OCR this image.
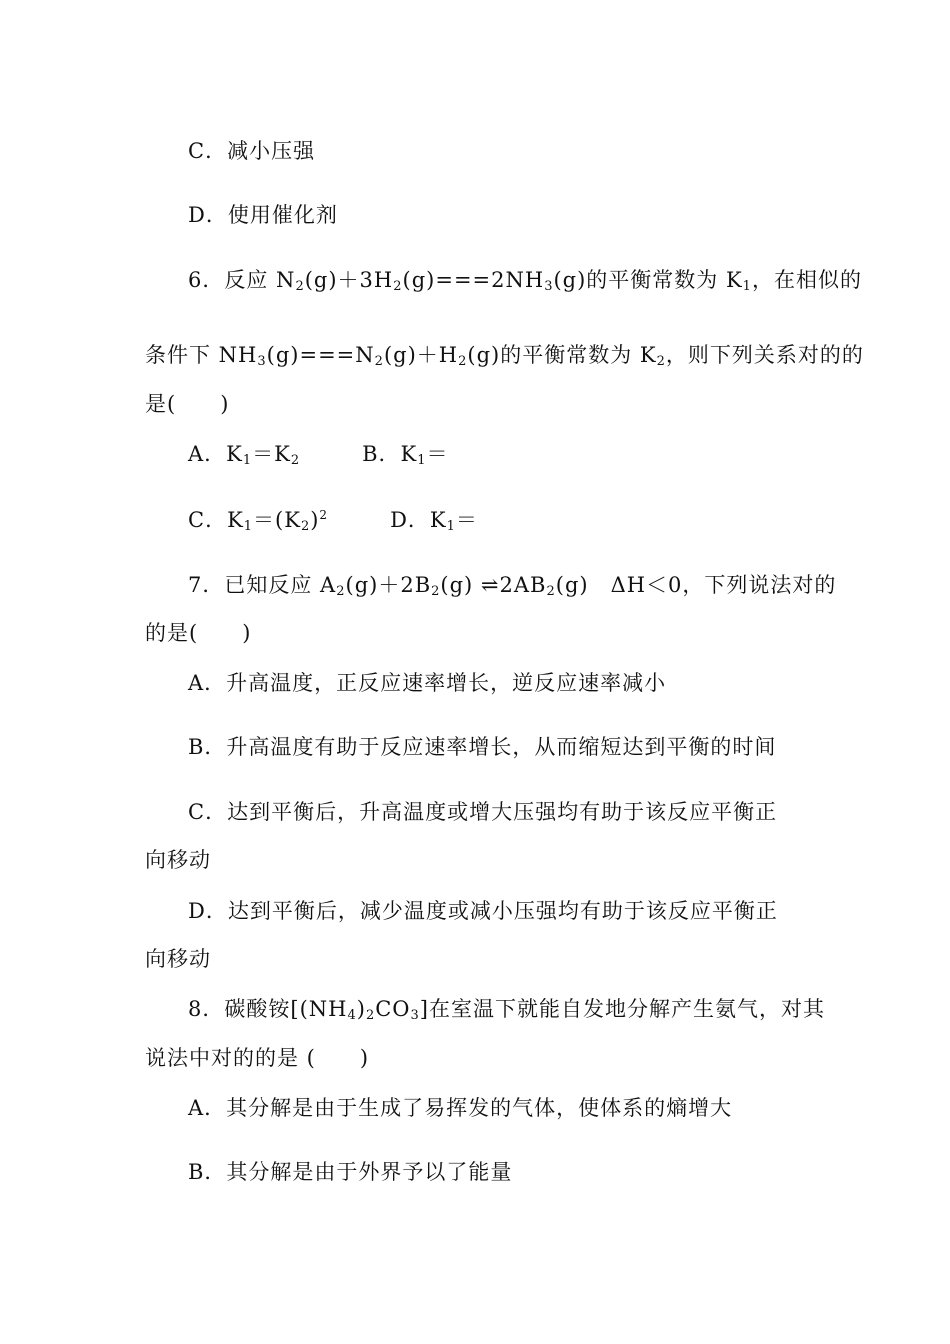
C．减小压强

D．使用催化剂

6．反应 $N_2(g)+3H_2(g)===2NH_3(g)$的平衡常数为 $K_1$，在相似的

条件下 $NH_3(g)===N_2(g)+H_2(g)$的平衡常数为 $K_2$，则下列关系对的的

是(　　)

A．$K_1=K_2$	B．$K_1=$

C．$K_1=(K_2)^2$	D．$K_1=$

7．已知反应 $A_2(g)+2B_2(g)$ $\rightleftharpoons 2AB_2(g)$　ΔH＜0，下列说法对的

的是(　　)

A．升高温度，正反应速率增长，逆反应速率减小

B．升高温度有助于反应速率增长，从而缩短达到平衡的时间

C．达到平衡后，升高温度或增大压强均有助于该反应平衡正

向移动

D．达到平衡后，减少温度或减小压强均有助于该反应平衡正

向移动

8．碳酸铵$[(NH_4)_2CO_3]$在室温下就能自发地分解产生氨气，对其

说法中对的的是 (　　)

A．其分解是由于生成了易挥发的气体，使体系的熵增大

B．其分解是由于外界予以了能量
